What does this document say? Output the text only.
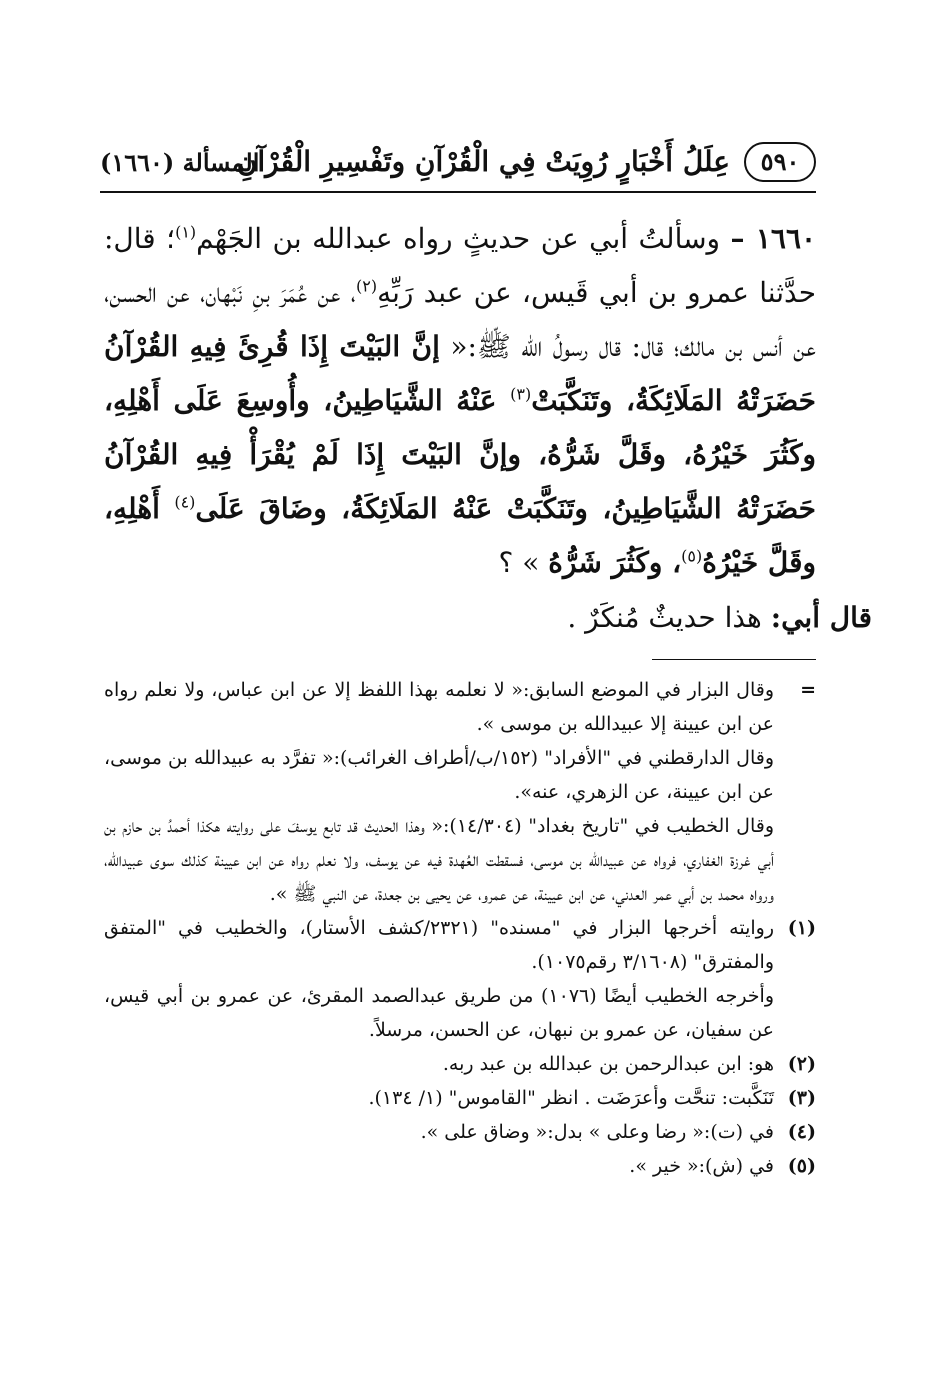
٥٩٠
عِلَلُ أَخْبَارٍ رُوِيَتْ فِي الْقُرْآنِ وتَفْسِيرِ الْقُرْآنِ
المسألة (١٦٦٠)

١٦٦٠ – وسألتُ أبي عن حديثٍ رواه عبدالله بن الجَهْم$^{(١)}$؛ قال: حدَّثنا عمرو بن أبي قَيس، عن عبد رَبِّهِ$^{(٢)}$، عن عُمَرَ بنِ نَبْهان، عن الحسن، عن أنس بن مالك؛ قال: قال رسولُ الله ﷺ:« إنَّ البَيْتَ إِذَا قُرِئَ فِيهِ القُرْآنُ حَضَرَتْهُ المَلَائِكَةُ، وتَنَكَّبَتْ$^{(٣)}$ عَنْهُ الشَّيَاطِينُ، وأُوسِعَ عَلَى أَهْلِهِ، وكَثُرَ خَيْرُهُ، وقَلَّ شَرُّهُ، وإنَّ البَيْتَ إِذَا لَمْ يُقْرَأْ فِيهِ القُرْآنُ حَضَرَتْهُ الشَّيَاطِينُ، وتَنَكَّبَتْ عَنْهُ المَلَائِكَةُ، وضَاقَ عَلَى$^{(٤)}$ أَهْلِهِ، وقَلَّ خَيْرُهُ$^{(٥)}$، وكَثُرَ شَرُّهُ » ؟

قال أبي: هذا حديثٌ مُنكَرٌ .
=

وقال البزار في الموضع السابق:« لا نعلمه بهذا اللفظ إلا عن ابن عباس، ولا نعلم رواه عن ابن عيينة إلا عبيدالله بن موسى ».

وقال الدارقطني في "الأفراد" (١٥٢/ب/أطراف الغرائب):« تفرَّد به عبيدالله بن موسى، عن ابن عيينة، عن الزهري، عنه».

وقال الخطيب في "تاريخ بغداد" (١٤/٣٠٤):« وهذا الحديث قد تابع يوسفَ على روايته هكذا أحمدُ بن حازم بن أبي غرزة الغفاري، فرواه عن عبيدالله بن موسى، فسقطت العُهدة فيه عن يوسف، ولا نعلم رواه عن ابن عيينة كذلك سوى عبيدالله، ورواه محمد بن أبي عمر العدني، عن ابن عيينة، عن عمرو، عن يحيى بن جعدة، عن النبي ﷺ ».

(١)

روايته أخرجها البزار في "مسنده" (٢٣٢١/كشف الأستار)، والخطيب في "المتفق والمفترق" (٣/١٦٠٨ رقم١٠٧٥).

وأخرجه الخطيب أيضًا (١٠٧٦) من طريق عبدالصمد المقرئ، عن عمرو بن أبي قيس، عن سفيان، عن عمرو بن نبهان، عن الحسن، مرسلاً.

(٢)

هو: ابن عبدالرحمن بن عبدالله بن عبد ربه.

(٣)

تَنَكَّبت: تنحَّت وأعرَضَت . انظر "القاموس" (١/ ١٣٤).

(٤)

في (ت):« رضا وعلى » بدل:« وضاق على ».

(٥)

في (ش):« خير ».
